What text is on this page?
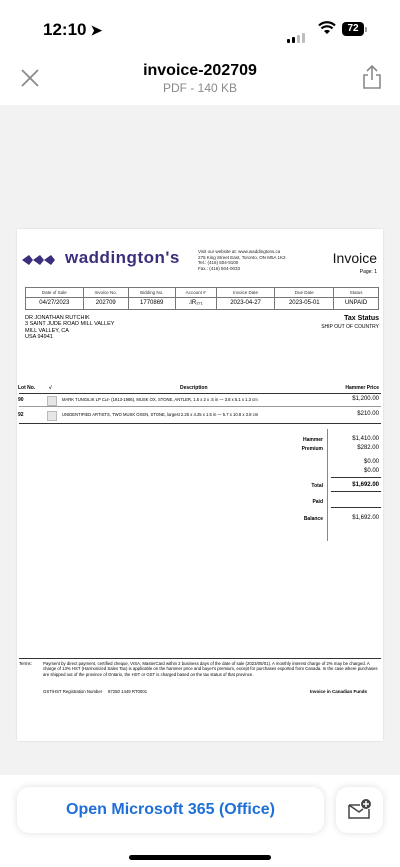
12:10 ➤	72
invoice-202709
PDF - 140 KB
waddington's	Visit our website at: www.waddingtons.ca
275 King Street East, Toronto, ON M5A 1K2
Tel.: (416) 504-9100
Fax.: (416) 504-0033
Invoice
Page: 1
Date of Sale	Invoice No.	Bidding No.	Account #	Invoice Date	Due Date	Status
04/27/2023	202709	1770869	.IR₂₇₁	2023-04-27	2023-05-01	UNPAID
DR JONATHAN RUTCHIK
3 SAINT JUDE ROAD MILL VALLEY
MILL VALLEY, CA
USA 94941
Tax Status
SHIP OUT OF COUNTRY
Lot No.	√	Description	Hammer Price
90	MARK TUNGILIK LP Cʟᴇ- (1913-1986), MUSK OX, STONE, ANTLER, 1.5 x 2 x .5 in — 3.8 x 5.1 x 1.3 cm	$1,200.00
92	UNIDENTIFIED ARTISTS, TWO MUSK OXEN, STONE, largest 2.25 x 4.25 x 1.5 in — 5.7 x 10.8 x 3.8 cm	$210.00
Hammer	$1,410.00
Premium	$282.00
$0.00
$0.00
Total	$1,692.00
Paid
Balance	$1,692.00
Terms:	Payment by direct payment, certified cheque, VISA, MasterCard within 2 business days of the date of sale (2023/05/01). A monthly interest charge of 2% may be charged. A charge of 13% HST (Harmonized Sales Tax) is applicable on the hammer price and buyer's premium, except for purchases exported from Canada. In the case where purchases are shipped out of the province of Ontario, the HST or GST is charged based on the tax status of that province.
GST/HST Registration Number 87250 1449 RT0001	Invoice in Canadian Funds
Open Microsoft 365 (Office)
